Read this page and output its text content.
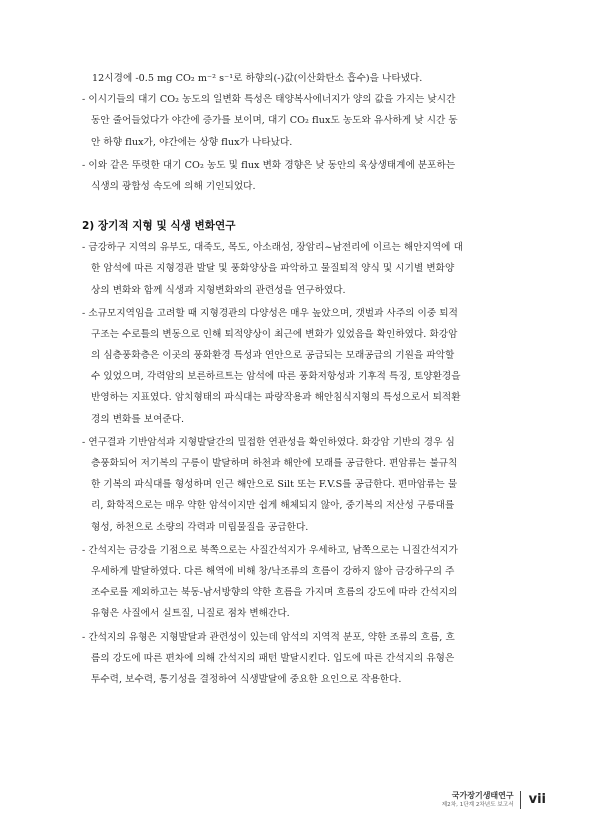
12시경에 -0.5 mg CO₂ m⁻² s⁻¹로 하향의(-)값(이산화탄소 흡수)을 나타냈다.
- 이시기들의 대기 CO₂ 농도의 일변화 특성은 태양복사에너지가 양의 값을 가지는 낮시간
동안 줄어들었다가 야간에 증가를 보이며, 대기 CO₂ flux도 농도와 유사하게 낮 시간 동
안 하향 flux가, 야간에는 상향 flux가 나타났다.
- 이와 같은 뚜렷한 대기 CO₂ 농도 및 flux 변화 경향은 낮 동안의 육상생태계에 분포하는
식생의 광합성 속도에 의해 기인되었다.
2) 장기적 지형 및 식생 변화연구
- 금강하구 지역의 유부도, 대죽도, 목도, 아소래섬, 장암리~남전리에 이르는 해안지역에 대
한 암석에 따른 지형경관 발달 및 풍화양상을 파악하고 물질퇴적 양식 및 시기별 변화양
상의 변화와 함께 식생과 지형변화와의 관련성을 연구하였다.
- 소규모지역임을 고려할 때 지형경관의 다양성은 매우 높았으며, 갯벌과 사주의 이중 퇴적
구조는 수로틀의 변동으로 인해 퇴적양상이 최근에 변화가 있었음을 확인하였다. 화강암
의 심층풍화층은 이곳의 풍화환경 특성과 연안으로 공급되는 모래공급의 기원을 파악할
수 있었으며, 각력암의 보른하르트는 암석에 따른 풍화저항성과 기후적 특징, 토양환경을
반영하는 지표였다. 암치형태의 파식대는 파랑작용과 해안침식지형의 특성으로서 퇴적환
경의 변화를 보여준다.
- 연구결과 기반암석과 지형발달간의 밀접한 연관성을 확인하였다. 화강암 기반의 경우 심
층풍화되어 저기복의 구릉이 발달하며 하천과 해안에 모래를 공급한다. 편암류는 불규칙
한 기복의 파식대를 형성하며 인근 해안으로 Silt 또는 F.V.S를 공급한다. 편마암류는 물
리, 화학적으로는 매우 약한 암석이지만 쉽게 해체되지 않아, 중기복의 저산성 구릉대를
형성, 하천으로 소량의 각력과 미립물질을 공급한다.
- 간석지는 금강을 기점으로 북쪽으로는 사질간석지가 우세하고, 남쪽으로는 니질간석지가
우세하게 발달하였다. 다른 해역에 비해 창/낙조류의 흐름이 강하지 않아 금강하구의 주
조수로를 제외하고는 북동-남서방향의 약한 흐름을 가지며 흐름의 강도에 따라 간석지의
유형은 사질에서 실트질, 니질로 점차 변해간다.
- 간석지의 유형은 지형발달과 관련성이 있는데 암석의 지역적 분포, 약한 조류의 흐름, 흐
름의 강도에 따른 편차에 의해 간석지의 패턴 발달시킨다. 입도에 따른 간석지의 유형은
투수력, 보수력, 통기성을 결정하여 식생발달에 중요한 요인으로 작용한다.
국가장기생태연구
제2차, 1단계 2차년도 보고서 vii
